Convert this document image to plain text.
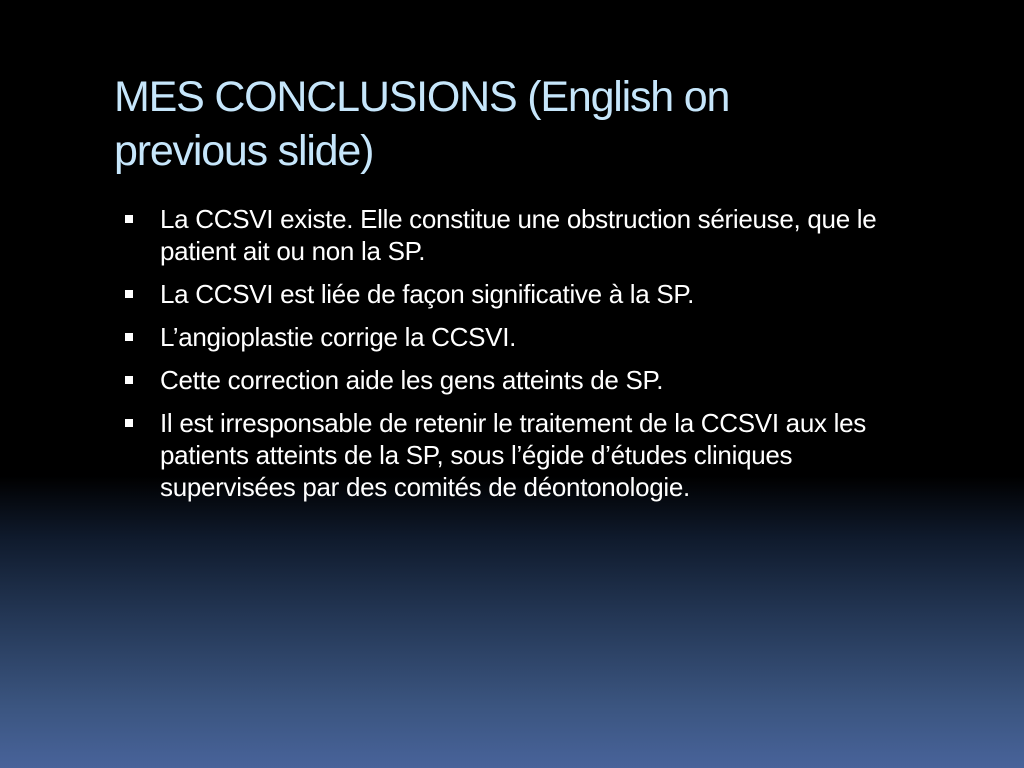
MES CONCLUSIONS (English on
previous slide)
La CCSVI existe. Elle constitue une obstruction sérieuse, que le patient ait ou non la SP.
La CCSVI est liée de façon significative à la SP.
L’angioplastie corrige la CCSVI.
Cette correction aide les gens atteints de SP.
Il est irresponsable de retenir le traitement de la CCSVI aux les patients atteints de la SP, sous l’égide d’études cliniques supervisées par des comités de déontonologie.
